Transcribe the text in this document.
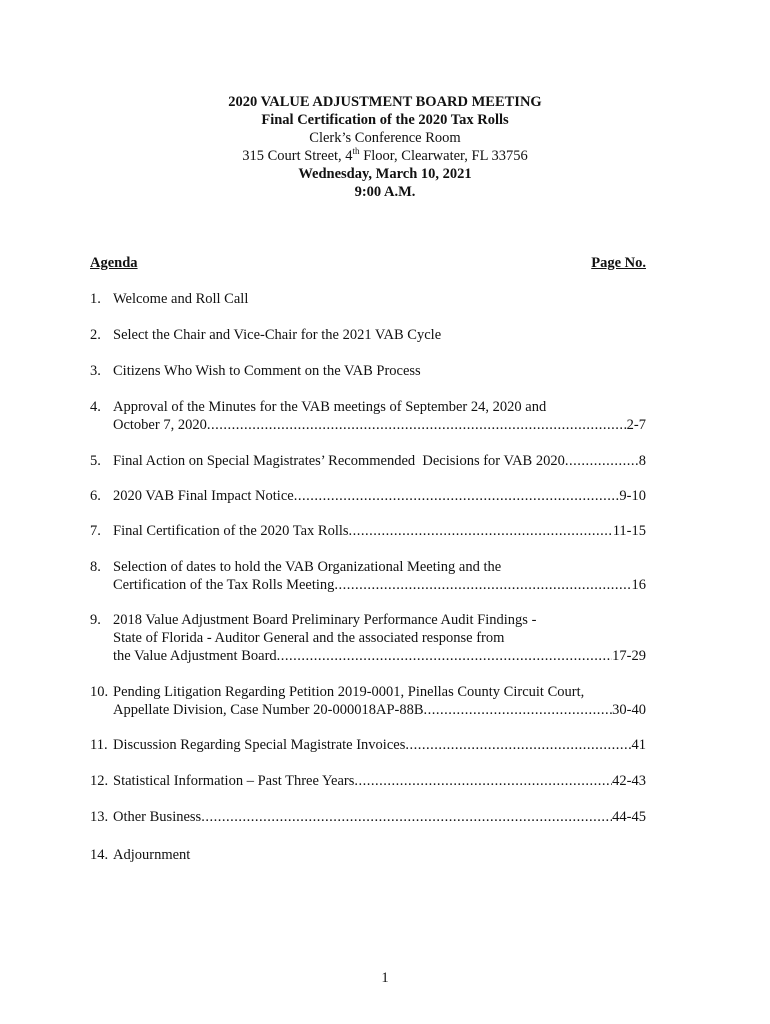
2020 VALUE ADJUSTMENT BOARD MEETING
Final Certification of the 2020 Tax Rolls
Clerk’s Conference Room
315 Court Street, 4th Floor, Clearwater, FL 33756
Wednesday, March 10, 2021
9:00 A.M.
Agenda	Page No.
1. Welcome and Roll Call
2. Select the Chair and Vice-Chair for the 2021 VAB Cycle
3. Citizens Who Wish to Comment on the VAB Process
4. Approval of the Minutes for the VAB meetings of September 24, 2020 and
October 7, 2020 .....	2-7
5. Final Action on Special Magistrates’ Recommended  Decisions for VAB 2020 .....	8
6. 2020 VAB Final Impact Notice .....	9-10
7. Final Certification of the 2020 Tax Rolls .....	11-15
8. Selection of dates to hold the VAB Organizational Meeting and the
Certification of the Tax Rolls Meeting .....	16
9. 2018 Value Adjustment Board Preliminary Performance Audit Findings -
State of Florida - Auditor General and the associated response from
the Value Adjustment Board .....	17-29
10. Pending Litigation Regarding Petition 2019-0001, Pinellas County Circuit Court,
Appellate Division, Case Number 20-000018AP-88B .....	30-40
11. Discussion Regarding Special Magistrate Invoices .....	41
12. Statistical Information – Past Three Years .....	42-43
13. Other Business .....	44-45
14. Adjournment
1
